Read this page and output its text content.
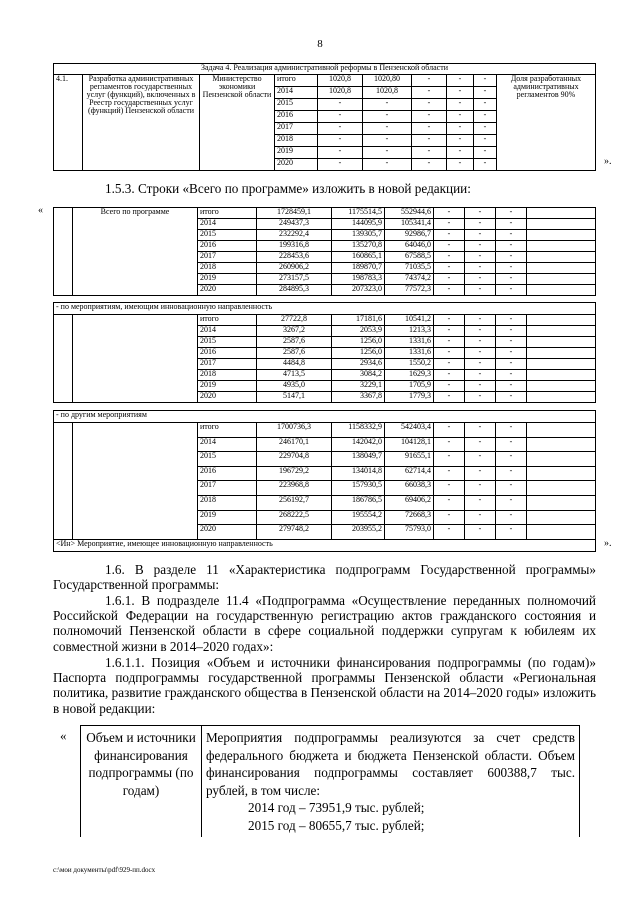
8
Задача 4. Реализация административной реформы в Пензенской области									
4.1.	Разработка административных регламентов государственных услуг (функций), включенных в Реестр государственных услуг (функций) Пензенской области	Министерство экономики Пензенской области	итого	1020,8	1020,80	-	-	-	Доля разработанных административных регламентов 90%
			2014	1020,8	1020,8	-	-	-	
			2015	-	-	-	-	-	
			2016	-	-	-	-	-	
			2017	-	-	-	-	-	
			2018	-	-	-	-	-	
			2019	-	-	-	-	-	
			2020	-	-	-	-	-		».

1.5.3. Строки «Всего по программе» изложить в новой редакции:

«
		Всего по программе	итого	1728459,1	1175514,5	552944,6	-	-	-	
		2014	249437,3	144095,9	105341,4	-	-	-	
		2015	232292,4	139305,7	92986,7	-	-	-	
		2016	199316,8	135270,8	64046,0	-	-	-	
		2017	228453,6	160865,1	67588,5	-	-	-	
		2018	260906,2	189870,7	71035,5	-	-	-	
		2019	273157,5	198783,3	74374,2	-	-	-	
		2020	284895,3	207323,0	77572,3	-	-	-	
- по мероприятиям, имеющим инновационную направленность									
		итого	27722,8	17181,6	10541,2	-	-	-	
		2014	3267,2	2053,9	1213,3	-	-	-	
		2015	2587,6	1256,0	1331,6	-	-	-	
		2016	2587,6	1256,0	1331,6	-	-	-	
		2017	4484,8	2934,6	1550,2	-	-	-	
		2018	4713,5	3084,2	1629,3	-	-	-	
		2019	4935,0	3229,1	1705,9	-	-	-	
		2020	5147,1	3367,8	1779,3	-	-	-	
- по другим мероприятиям									
		итого	1700736,3	1158332,9	542403,4	-	-	-	
		2014	246170,1	142042,0	104128,1	-	-	-	
		2015	229704,8	138049,7	91655,1	-	-	-	
		2016	196729,2	134014,8	62714,4	-	-	-	
		2017	223968,8	157930,5	66038,3	-	-	-	
		2018	256192,7	186786,5	69406,2	-	-	-	
		2019	268222,5	195554,2	72668,3	-	-	-	
		2020	279748,2	203955,2	75793,0	-	-	-	
<Ин> Мероприятие, имеющее инновационную направленность										».

1.6. В разделе 11 «Характеристика подпрограмм Государственной программы» Государственной программы:

1.6.1. В подразделе 11.4 «Подпрограмма «Осуществление переданных полномочий Российской Федерации на государственную регистрацию актов гражданского состояния и полномочий Пензенской области в сфере социальной поддержки супругам к юбилеям их совместной жизни в 2014–2020 годах»:

1.6.1.1. Позиция «Объем и источники финансирования подпрограммы (по годам)» Паспорта подпрограммы государственной программы Пензенской области «Региональная политика, развитие гражданского общества в Пензенской области на 2014–2020 годы» изложить в новой редакции:

« Объем и источники финансирования подпрограммы (по годам)	
Мероприятия подпрограммы реализуются за счет средств федерального бюджета и бюджета Пензенской области. Объем финансирования подпрограммы составляет 600388,7 тыс. рублей, в том числе:
2014 год – 73951,9 тыс. рублей;
2015 год – 80655,7 тыс. рублей;
c:\мои документы\pdf\929-пп.docx
